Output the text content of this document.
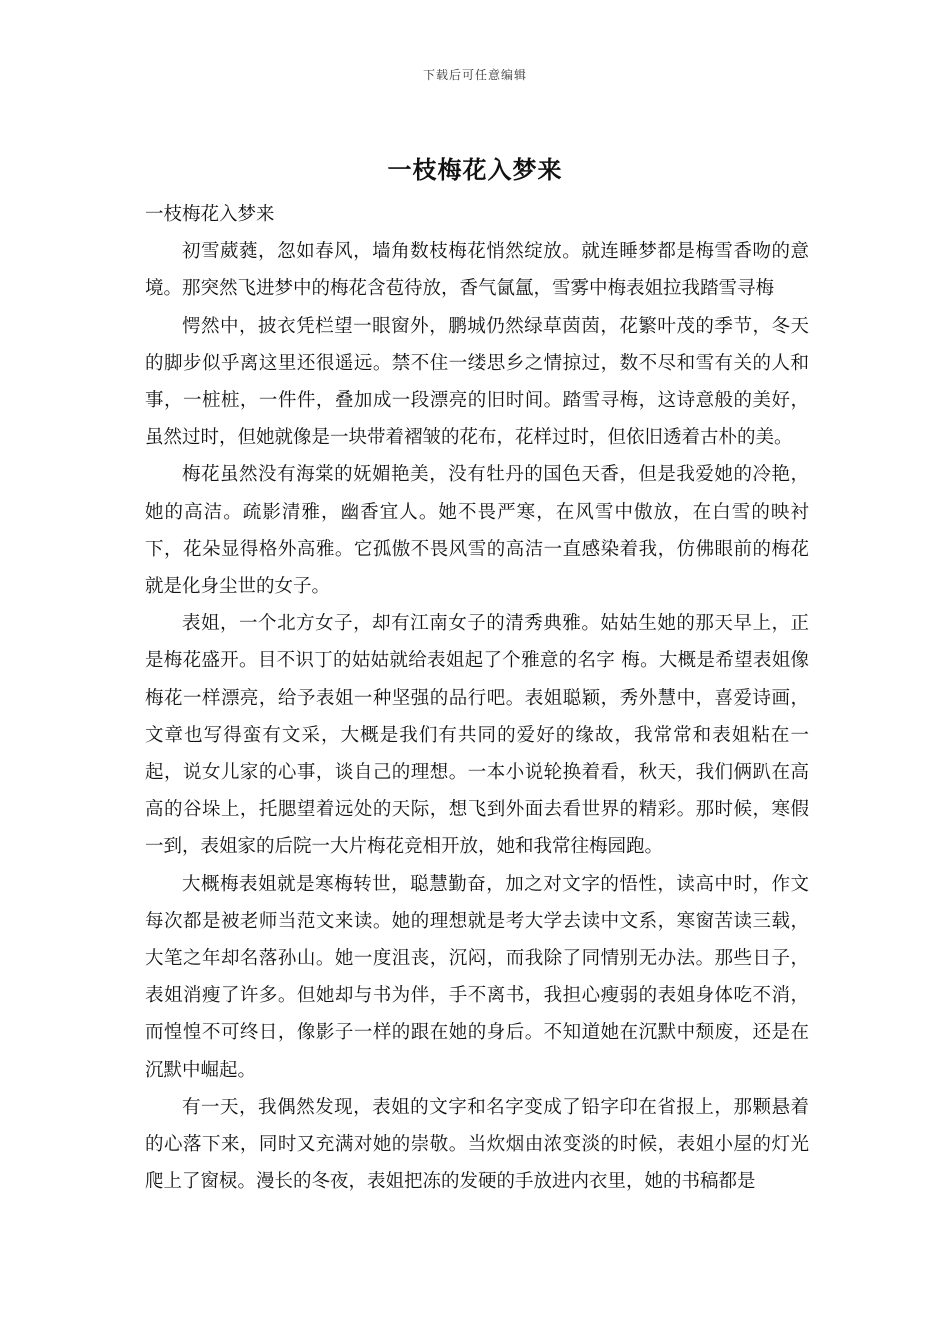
下载后可任意编辑
一枝梅花入梦来

一枝梅花入梦来

初雪葳蕤，忽如春风，墙角数枝梅花悄然绽放。就连睡梦都是梅雪香吻的意境。那突然飞进梦中的梅花含苞待放，香气氤氲，雪雾中梅表姐拉我踏雪寻梅

愕然中，披衣凭栏望一眼窗外，鹏城仍然绿草茵茵，花繁叶茂的季节，冬天的脚步似乎离这里还很遥远。禁不住一缕思乡之情掠过，数不尽和雪有关的人和事，一桩桩，一件件，叠加成一段漂亮的旧时间。踏雪寻梅，这诗意般的美好，虽然过时，但她就像是一块带着褶皱的花布，花样过时，但依旧透着古朴的美。

梅花虽然没有海棠的妩媚艳美，没有牡丹的国色天香，但是我爱她的冷艳，她的高洁。疏影清雅，幽香宜人。她不畏严寒，在风雪中傲放，在白雪的映衬下，花朵显得格外高雅。它孤傲不畏风雪的高洁一直感染着我，仿佛眼前的梅花就是化身尘世的女子。

表姐，一个北方女子，却有江南女子的清秀典雅。姑姑生她的那天早上，正是梅花盛开。目不识丁的姑姑就给表姐起了个雅意的名字 梅。大概是希望表姐像梅花一样漂亮，给予表姐一种坚强的品行吧。表姐聪颖，秀外慧中，喜爱诗画，文章也写得蛮有文采，大概是我们有共同的爱好的缘故，我常常和表姐粘在一起，说女儿家的心事，谈自己的理想。一本小说轮换着看，秋天，我们俩趴在高高的谷垛上，托腮望着远处的天际，想飞到外面去看世界的精彩。那时候，寒假一到，表姐家的后院一大片梅花竞相开放，她和我常往梅园跑。

大概梅表姐就是寒梅转世，聪慧勤奋，加之对文字的悟性，读高中时，作文每次都是被老师当范文来读。她的理想就是考大学去读中文系，寒窗苦读三载，大笔之年却名落孙山。她一度沮丧，沉闷，而我除了同情别无办法。那些日子，表姐消瘦了许多。但她却与书为伴，手不离书，我担心瘦弱的表姐身体吃不消，而惶惶不可终日，像影子一样的跟在她的身后。不知道她在沉默中颓废，还是在沉默中崛起。

有一天，我偶然发现，表姐的文字和名字变成了铅字印在省报上，那颗悬着的心落下来，同时又充满对她的崇敬。当炊烟由浓变淡的时候，表姐小屋的灯光爬上了窗棂。漫长的冬夜，表姐把冻的发硬的手放进内衣里，她的书稿都是
